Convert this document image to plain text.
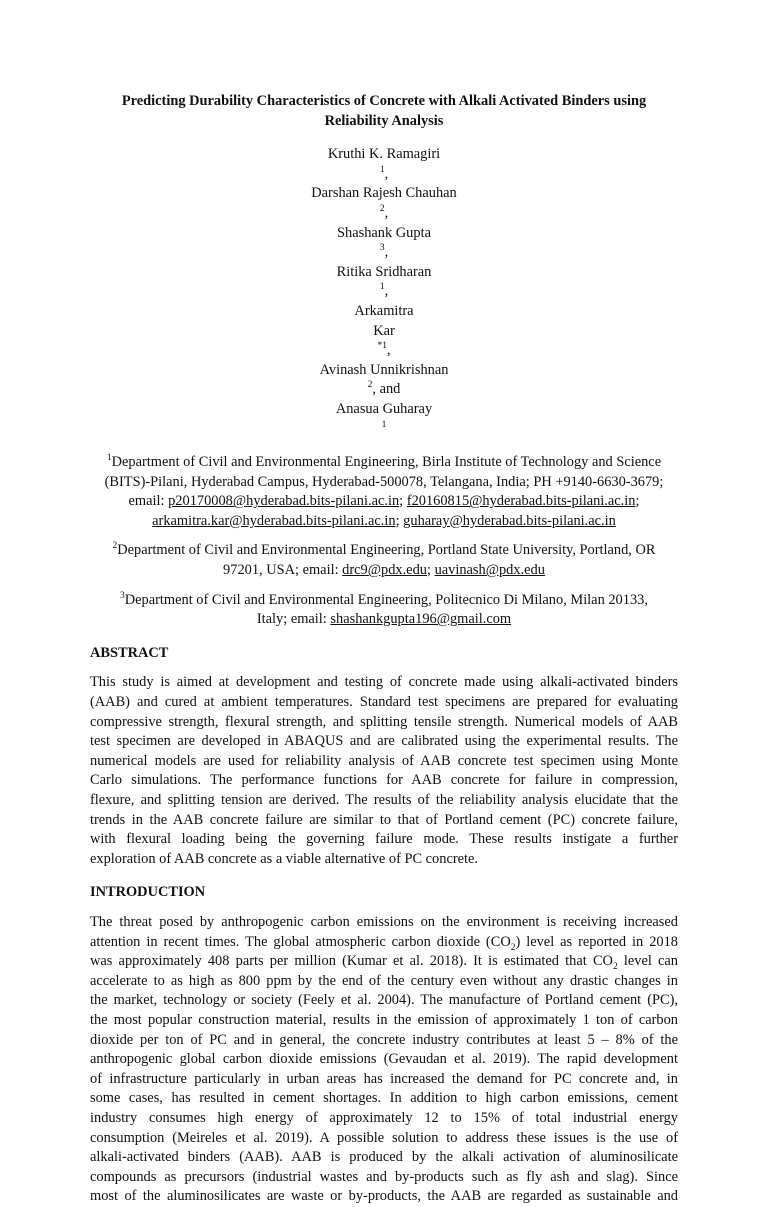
Predicting Durability Characteristics of Concrete with Alkali Activated Binders using
Reliability Analysis
Kruthi K. Ramagiri
$^1$,
Darshan Rajesh Chauhan
$^2$,
Shashank Gupta
$^3$,
Ritika Sridharan
$^1$,
Arkamitra
Kar
$^{*1}$,
Avinash Unnikrishnan
$^2$, and
Anasua Guharay
$^1$
$^1$Department of Civil and Environmental Engineering, Birla Institute of Technology and Science
(BITS)-Pilani, Hyderabad Campus, Hyderabad-500078, Telangana, India; PH +9140-6630-3679;
email: p20170008@hyderabad.bits-pilani.ac.in; f20160815@hyderabad.bits-pilani.ac.in;
arkamitra.kar@hyderabad.bits-pilani.ac.in; guharay@hyderabad.bits-pilani.ac.in
$^2$Department of Civil and Environmental Engineering, Portland State University, Portland, OR
97201, USA; email: drc9@pdx.edu; uavinash@pdx.edu
$^3$Department of Civil and Environmental Engineering, Politecnico Di Milano, Milan 20133,
Italy; email: shashankgupta196@gmail.com
ABSTRACT
This study is aimed at development and testing of concrete made using alkali-activated binders
(AAB) and cured at ambient temperatures. Standard test specimens are prepared for evaluating
compressive strength, flexural strength, and splitting tensile strength. Numerical models of AAB
test specimen are developed in ABAQUS and are calibrated using the experimental results. The
numerical models are used for reliability analysis of AAB concrete test specimen using Monte
Carlo simulations. The performance functions for AAB concrete for failure in compression,
flexure, and splitting tension are derived. The results of the reliability analysis elucidate that the
trends in the AAB concrete failure are similar to that of Portland cement (PC) concrete failure,
with flexural loading being the governing failure mode. These results instigate a further
exploration of AAB concrete as a viable alternative of PC concrete.
INTRODUCTION
The threat posed by anthropogenic carbon emissions on the environment is receiving increased
attention in recent times. The global atmospheric carbon dioxide $(CO_2)$ level as reported in 2018
was approximately 408 parts per million (Kumar et al. 2018). It is estimated that $CO_2$ level can
accelerate to as high as 800 ppm by the end of the century even without any drastic changes in
the market, technology or society (Feely et al. 2004). The manufacture of Portland cement (PC),
the most popular construction material, results in the emission of approximately 1 ton of carbon
dioxide per ton of PC and in general, the concrete industry contributes at least 5 – 8% of the
anthropogenic global carbon dioxide emissions (Gevaudan et al. 2019). The rapid development
of infrastructure particularly in urban areas has increased the demand for PC concrete and, in
some cases, has resulted in cement shortages. In addition to high carbon emissions, cement
industry consumes high energy of approximately 12 to 15% of total industrial energy
consumption (Meireles et al. 2019). A possible solution to address these issues is the use of
alkali-activated binders (AAB). AAB is produced by the alkali activation of aluminosilicate
compounds as precursors (industrial wastes and by-products such as fly ash and slag). Since
most of the aluminosilicates are waste or by-products, the AAB are regarded as sustainable and
